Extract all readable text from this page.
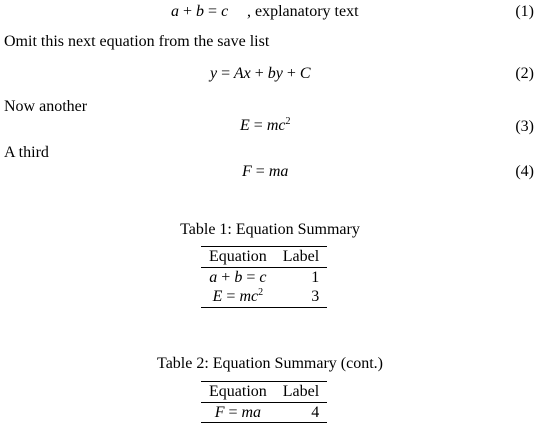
a + b = c , explanatory text	(1)
Omit this next equation from the save list
y = Ax + by + C	(2)
Now another
$E = mc^2$	(3)
A third
F = ma	(4)
Table 1: Equation Summary
Equation	Label
a + b = c	1
$E = mc^2$	3
Table 2: Equation Summary (cont.)
Equation	Label
F = ma	4
